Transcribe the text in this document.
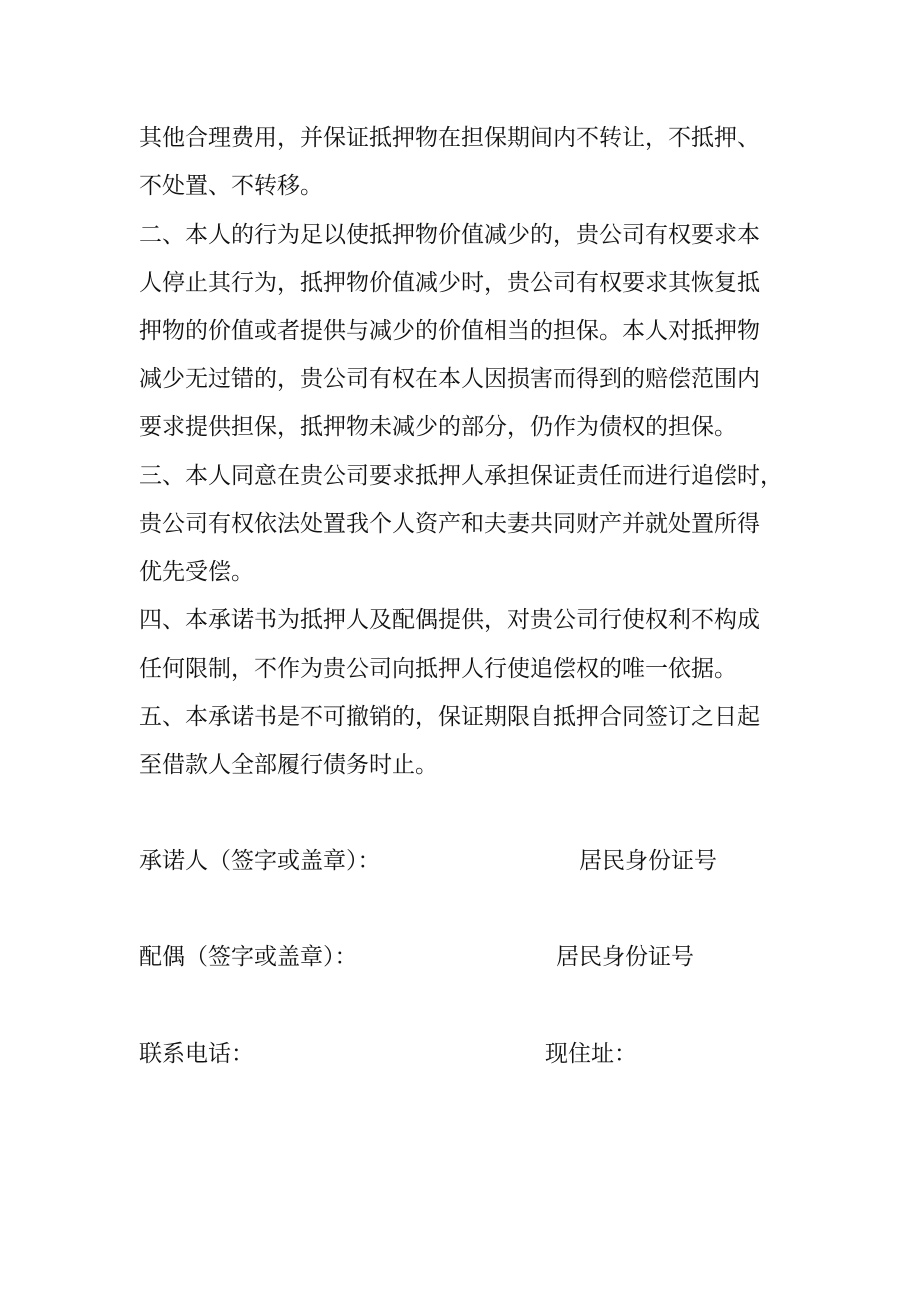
其他合理费用，并保证抵押物在担保期间内不转让，不抵押、
不处置、不转移。
二、本人的行为足以使抵押物价值减少的，贵公司有权要求本
人停止其行为，抵押物价值减少时，贵公司有权要求其恢复抵
押物的价值或者提供与减少的价值相当的担保。本人对抵押物
减少无过错的，贵公司有权在本人因损害而得到的赔偿范围内
要求提供担保，抵押物未减少的部分，仍作为债权的担保。
三、本人同意在贵公司要求抵押人承担保证责任而进行追偿时，
贵公司有权依法处置我个人资产和夫妻共同财产并就处置所得
优先受偿。
四、本承诺书为抵押人及配偶提供，对贵公司行使权利不构成
任何限制，不作为贵公司向抵押人行使追偿权的唯一依据。
五、本承诺书是不可撤销的，保证期限自抵押合同签订之日起
至借款人全部履行债务时止。
承诺人（签字或盖章）：	居民身份证号
配偶（签字或盖章）：	居民身份证号
联系电话：	现住址：
